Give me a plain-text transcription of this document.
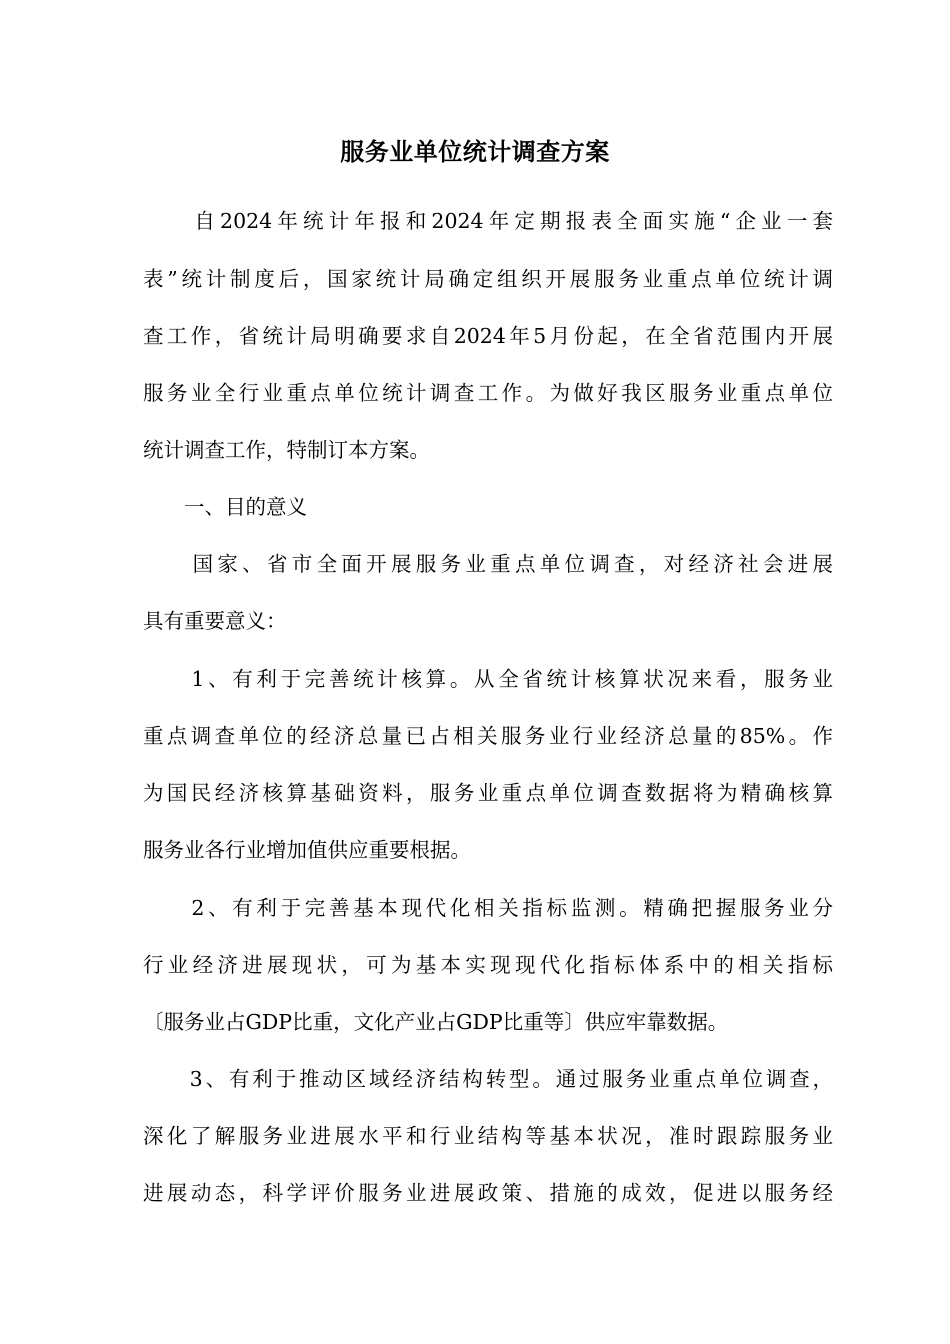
服务业单位统计调查方案
　　自2024年统计年报和2024年定期报表全面实施“企业一套
表”统计制度后，国家统计局确定组织开展服务业重点单位统计调
查工作，省统计局明确要求自2024年5月份起，在全省范围内开展
服务业全行业重点单位统计调查工作。为做好我区服务业重点单位
统计调查工作，特制订本方案。
　　一、目的意义
　　国家、省市全面开展服务业重点单位调查，对经济社会进展
具有重要意义：
　　1、有利于完善统计核算。从全省统计核算状况来看，服务业
重点调查单位的经济总量已占相关服务业行业经济总量的85%。作
为国民经济核算基础资料，服务业重点单位调查数据将为精确核算
服务业各行业增加值供应重要根据。
　　2、有利于完善基本现代化相关指标监测。精确把握服务业分
行业经济进展现状，可为基本实现现代化指标体系中的相关指标
〔服务业占GDP比重，文化产业占GDP比重等〕供应牢靠数据。
　　3、有利于推动区域经济结构转型。通过服务业重点单位调查，
深化了解服务业进展水平和行业结构等基本状况，准时跟踪服务业
进展动态，科学评价服务业进展政策、措施的成效，促进以服务经
